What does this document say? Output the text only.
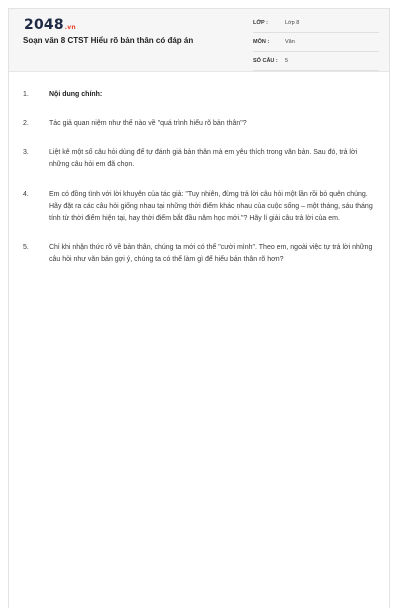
2048.vn
Soạn văn 8 CTST Hiểu rõ bản thân có đáp án
LỚP :	Lớp 8
MÔN :	Văn
SỐ CÂU : 5
1.	Nội dung chính:
2.	Tác giả quan niệm như thế nào về "quá trình hiểu rõ bản thân"?
3.	Liệt kê một số câu hỏi dùng để tự đánh giá bản thân mà em yêu thích trong văn bản. Sau đó, trả lời những câu hỏi em đã chọn.
4.	Em có đồng tình với lời khuyên của tác giả: "Tuy nhiên, đừng trả lời câu hỏi một lần rồi bỏ quên chúng. Hãy đặt ra các câu hỏi giống nhau tại những thời điểm khác nhau của cuộc sống – một tháng, sáu tháng tính từ thời điểm hiện tại, hay thời điểm bắt đầu năm học mới."? Hãy lí giải câu trả lời của em.
5.	Chỉ khi nhận thức rõ về bản thân, chúng ta mới có thể "cười mình". Theo em, ngoài việc tự trả lời những câu hỏi như văn bản gợi ý, chúng ta có thể làm gì để hiểu bản thân rõ hơn?
